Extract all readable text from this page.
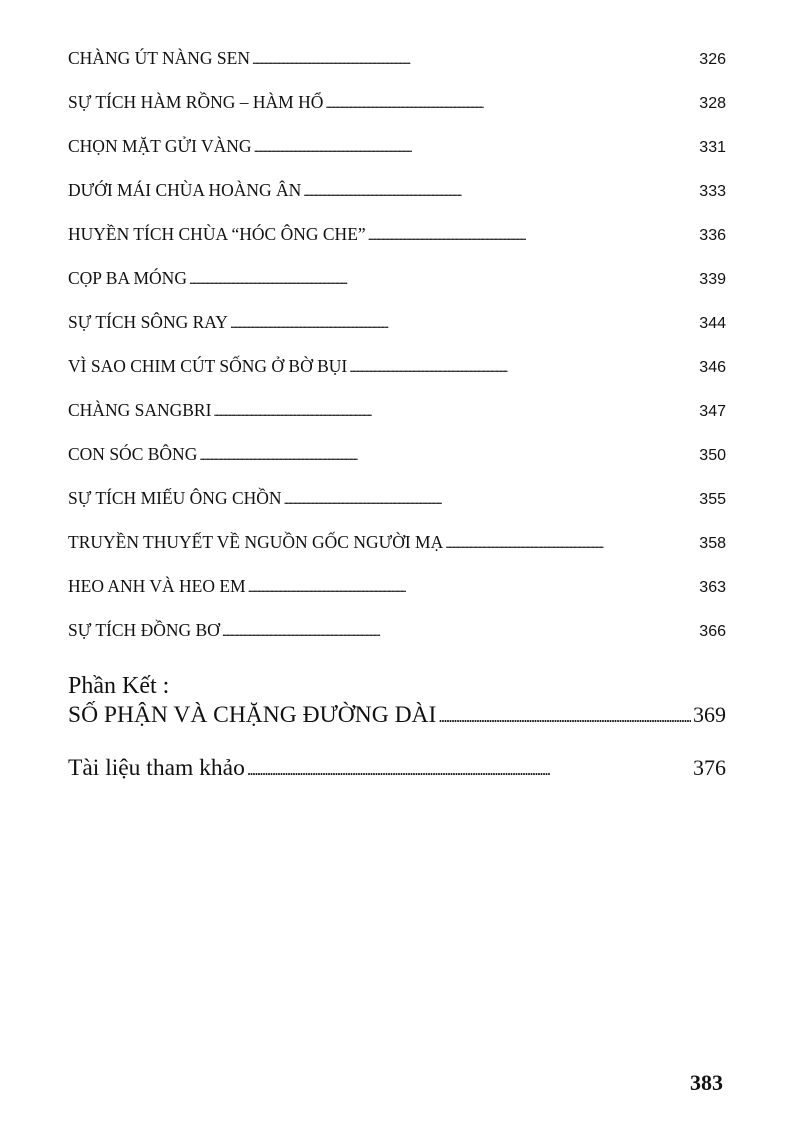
CHÀNG ÚT NÀNG SEN . . .	326
SỰ TÍCH HÀM RỒNG – HÀM HỔ . . .	328
CHỌN MẶT GỬI VÀNG . . .	331
DƯỚI MÁI CHÙA HOÀNG ÂN . . .	333
HUYỀN TÍCH CHÙA “HÓC ÔNG CHE” . . .	336
CỌP BA MÓNG . . .	339
SỰ TÍCH SÔNG RAY . . .	344
VÌ SAO CHIM CÚT SỐNG Ở BỜ BỤI . . .	346
CHÀNG SANGBRI . . .	347
CON SÓC BÔNG . . .	350
SỰ TÍCH MIẾU ÔNG CHỒN . . .	355
TRUYỀN THUYẾT VỀ NGUỒN GỐC NGƯỜI MẠ . . .	358
HEO ANH VÀ HEO EM . . .	363
SỰ TÍCH ĐỒNG BƠ . . .	366
Phần Kết :
SỐ PHẬN VÀ CHẶNG ĐƯỜNG DÀI . . .	369
Tài liệu tham khảo . . .	376
383
